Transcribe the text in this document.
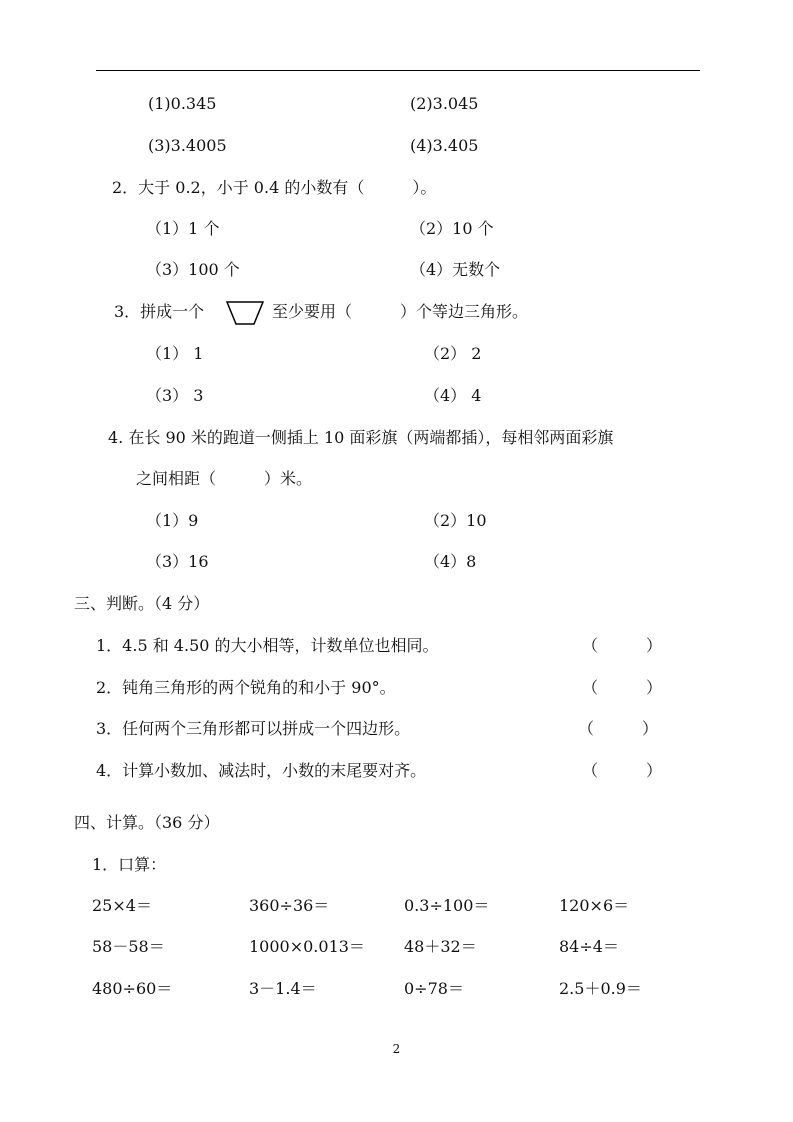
(1)0.345	(2)3.045
(3)3.4005	(4)3.405
2．大于 0.2，小于 0.4 的小数有（　　　）。
（1）1 个	（2）10 个
（3）100 个	（4）无数个
3．拼成一个	至少要用（　　　）个等边三角形。
（1） 1	（2） 2
（3） 3	（4） 4
4. 在长 90 米的跑道一侧插上 10 面彩旗（两端都插），每相邻两面彩旗
之间相距（　　　）米。
（1）9	（2）10
（3）16	（4）8
三、判断。（4 分）
1．4.5 和 4.50 的大小相等，计数单位也相同。	（　　　）
2．钝角三角形的两个锐角的和小于 90°。	（　　　）
3．任何两个三角形都可以拼成一个四边形。	（　　　）
4．计算小数加、减法时，小数的末尾要对齐。	（　　　）
四、计算。（36 分）
1．口算：
25×4＝	360÷36＝	0.3÷100＝	120×6＝
58－58＝	1000×0.013＝ 48＋32＝	84÷4＝
480÷60＝	3－1.4＝	0÷78＝	2.5＋0.9＝
2
